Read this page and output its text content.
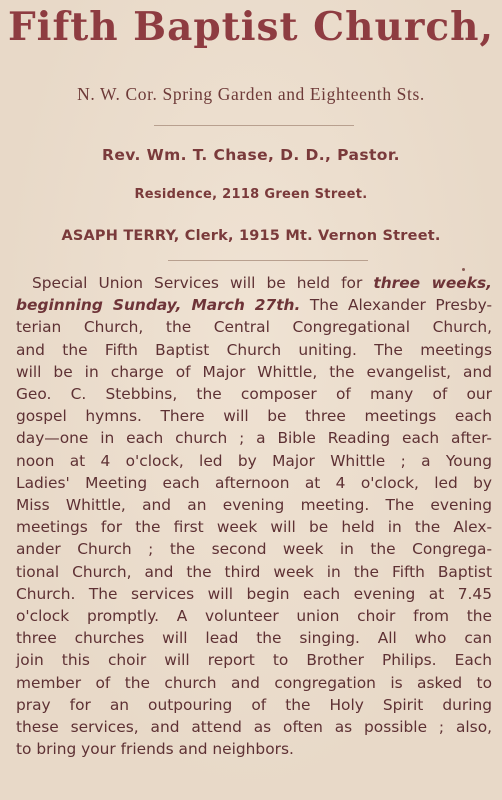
Fifth Baptist Church,

N. W. Cor. Spring Garden and Eighteenth Sts.

Rev. Wm. T. Chase, D. D., Pastor.

Residence, 2118 Green Street.

ASAPH TERRY, Clerk, 1915 Mt. Vernon Street.

Special Union Services will be held for three weeks,
beginning Sunday, March 27th. The Alexander Presby-
terian Church, the Central Congregational Church,
and the Fifth Baptist Church uniting. The meetings
will be in charge of Major Whittle, the evangelist, and
Geo. C. Stebbins, the composer of many of our
gospel hymns. There will be three meetings each
day—one in each church ; a Bible Reading each after-
noon at 4 o'clock, led by Major Whittle ; a Young
Ladies' Meeting each afternoon at 4 o'clock, led by
Miss Whittle, and an evening meeting. The evening
meetings for the first week will be held in the Alex-
ander Church ; the second week in the Congrega-
tional Church, and the third week in the Fifth Baptist
Church. The services will begin each evening at 7.45
o'clock promptly. A volunteer union choir from the
three churches will lead the singing. All who can
join this choir will report to Brother Philips. Each
member of the church and congregation is asked to
pray for an outpouring of the Holy Spirit during
these services, and attend as often as possible ; also,
to bring your friends and neighbors.
